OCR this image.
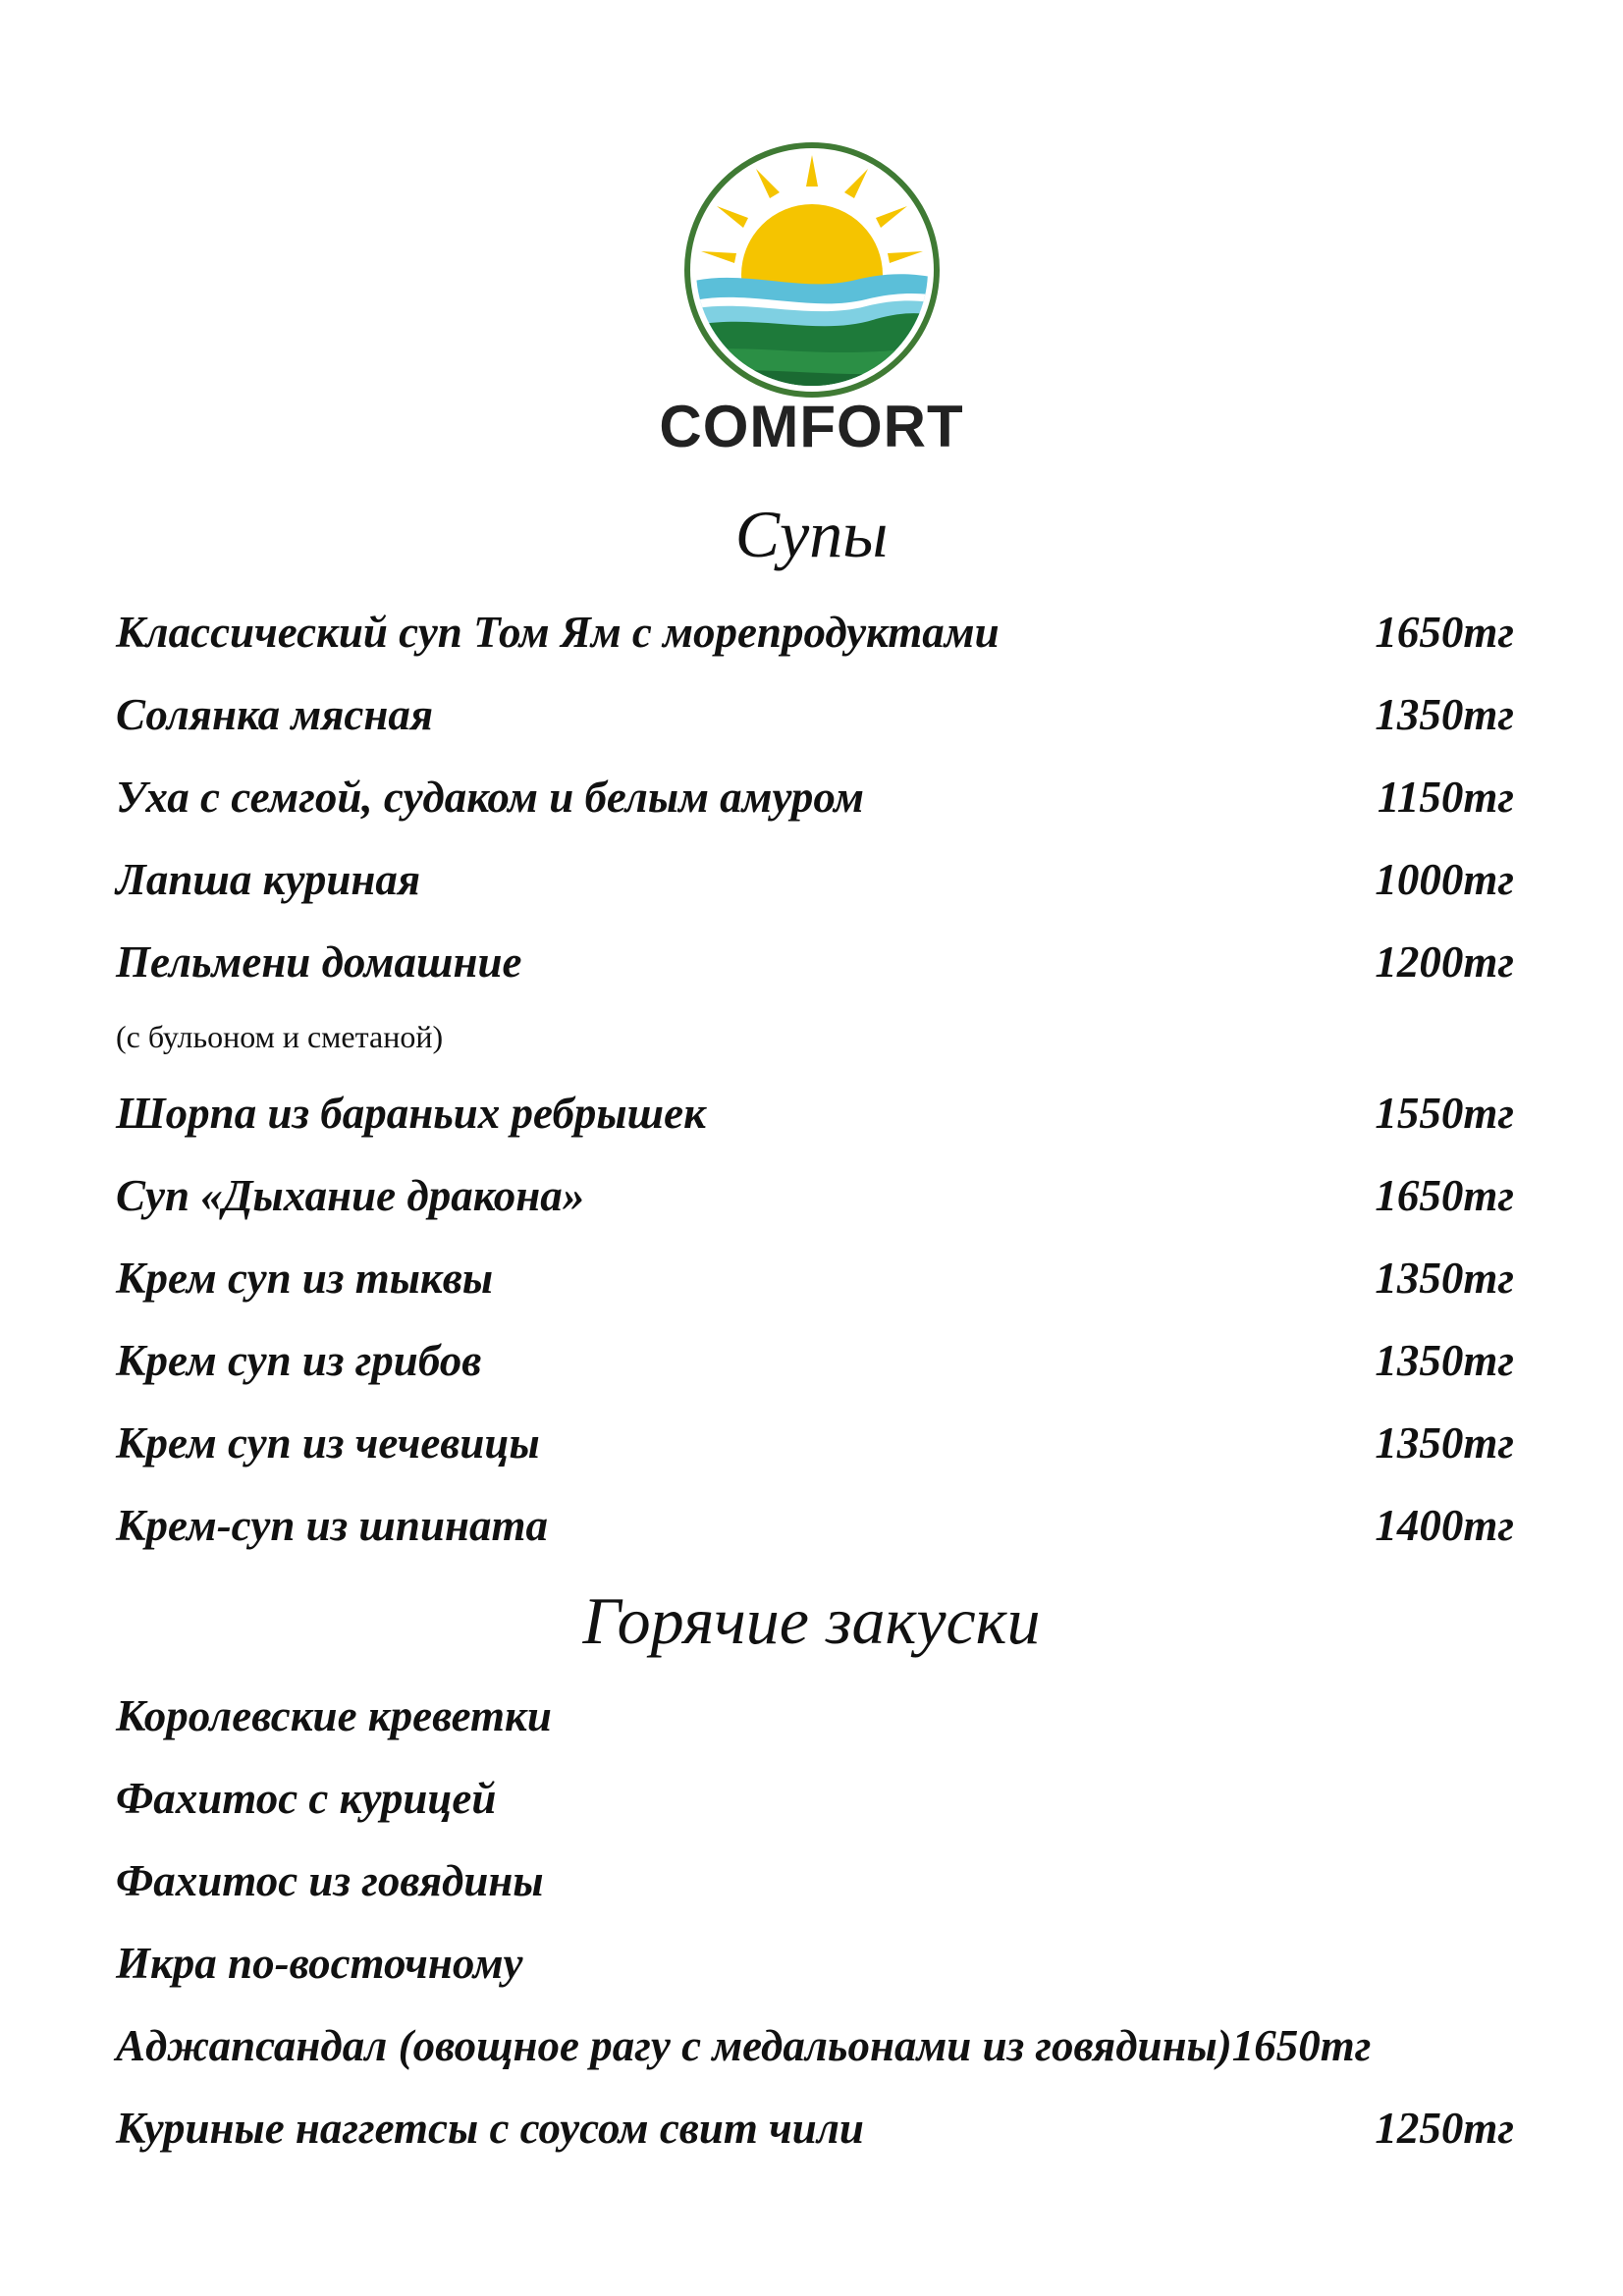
COMFORT
Супы
Классический суп Том Ям с морепродуктами	1650тг
Солянка мясная	1350тг
Уха с семгой, судаком и белым амуром	1150тг
Лапша куриная	1000тг
Пельмени домашние	1200тг
(с бульоном и сметаной)
Шорпа из бараньих ребрышек	1550тг
Суп «Дыхание дракона»	1650тг
Крем суп из тыквы	1350тг
Крем суп из грибов	1350тг
Крем суп из чечевицы	1350тг
Крем-суп из шпината	1400тг
Горячие закуски
Королевские креветки
Фахитос с курицей
Фахитос из говядины
Икра по-восточному
Аджапсандал (овощное рагу с медальонами из говядины)1650тг
Куриные наггетсы с соусом свит чили	1250тг
